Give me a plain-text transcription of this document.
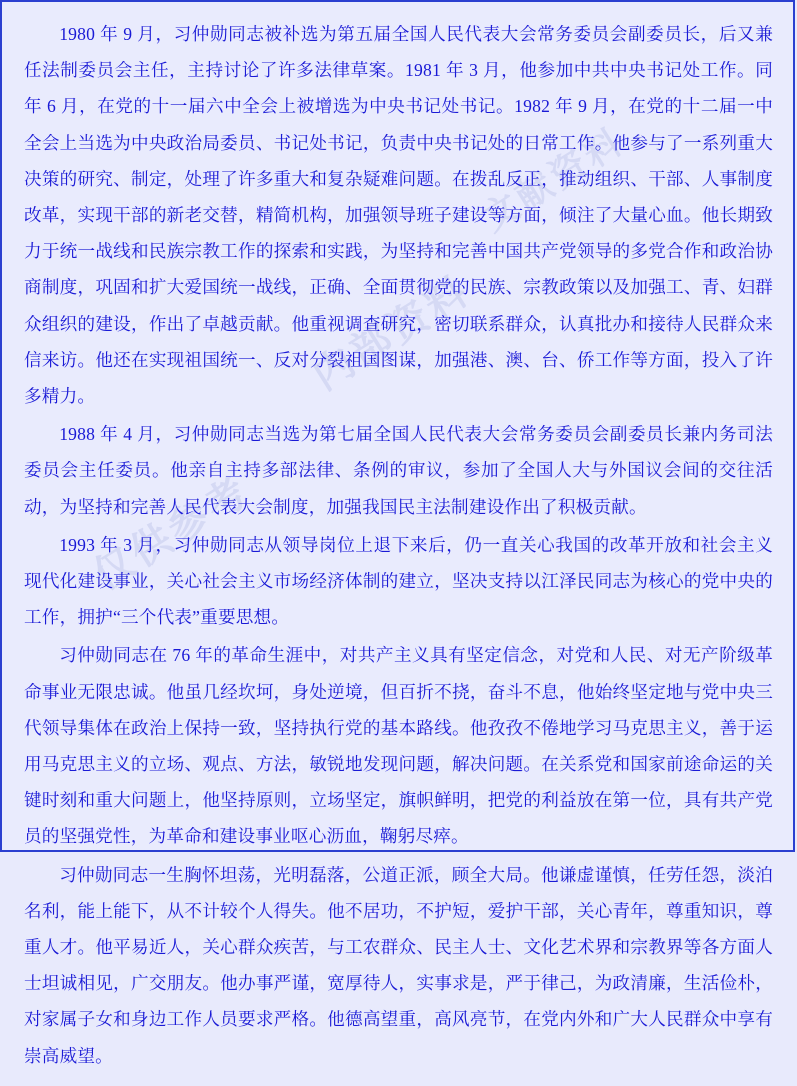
内部资料
仅供参考
文献资料

1980 年 9 月，习仲勋同志被补选为第五届全国人民代表大会常务委员会副委员长，后又兼任法制委员会主任，主持讨论了许多法律草案。1981 年 3 月，他参加中共中央书记处工作。同年 6 月，在党的十一届六中全会上被增选为中央书记处书记。1982 年 9 月，在党的十二届一中全会上当选为中央政治局委员、书记处书记，负责中央书记处的日常工作。他参与了一系列重大决策的研究、制定，处理了许多重大和复杂疑难问题。在拨乱反正，推动组织、干部、人事制度改革，实现干部的新老交替，精简机构，加强领导班子建设等方面，倾注了大量心血。他长期致力于统一战线和民族宗教工作的探索和实践，为坚持和完善中国共产党领导的多党合作和政治协商制度，巩固和扩大爱国统一战线，正确、全面贯彻党的民族、宗教政策以及加强工、青、妇群众组织的建设，作出了卓越贡献。他重视调查研究，密切联系群众，认真批办和接待人民群众来信来访。他还在实现祖国统一、反对分裂祖国图谋，加强港、澳、台、侨工作等方面，投入了许多精力。

1988 年 4 月，习仲勋同志当选为第七届全国人民代表大会常务委员会副委员长兼内务司法委员会主任委员。他亲自主持多部法律、条例的审议，参加了全国人大与外国议会间的交往活动，为坚持和完善人民代表大会制度，加强我国民主法制建设作出了积极贡献。

1993 年 3 月，习仲勋同志从领导岗位上退下来后，仍一直关心我国的改革开放和社会主义现代化建设事业，关心社会主义市场经济体制的建立，坚决支持以江泽民同志为核心的党中央的工作，拥护“三个代表”重要思想。

习仲勋同志在 76 年的革命生涯中，对共产主义具有坚定信念，对党和人民、对无产阶级革命事业无限忠诚。他虽几经坎坷，身处逆境，但百折不挠，奋斗不息，他始终坚定地与党中央三代领导集体在政治上保持一致，坚持执行党的基本路线。他孜孜不倦地学习马克思主义，善于运用马克思主义的立场、观点、方法，敏锐地发现问题，解决问题。在关系党和国家前途命运的关键时刻和重大问题上，他坚持原则，立场坚定，旗帜鲜明，把党的利益放在第一位，具有共产党员的坚强党性，为革命和建设事业呕心沥血，鞠躬尽瘁。

习仲勋同志一生胸怀坦荡，光明磊落，公道正派，顾全大局。他谦虚谨慎，任劳任怨，淡泊名利，能上能下，从不计较个人得失。他不居功，不护短，爱护干部，关心青年，尊重知识，尊重人才。他平易近人，关心群众疾苦，与工农群众、民主人士、文化艺术界和宗教界等各方面人士坦诚相见，广交朋友。他办事严谨，宽厚待人，实事求是，严于律己，为政清廉，生活俭朴，对家属子女和身边工作人员要求严格。他德高望重，高风亮节，在党内外和广大人民群众中享有崇高威望。
